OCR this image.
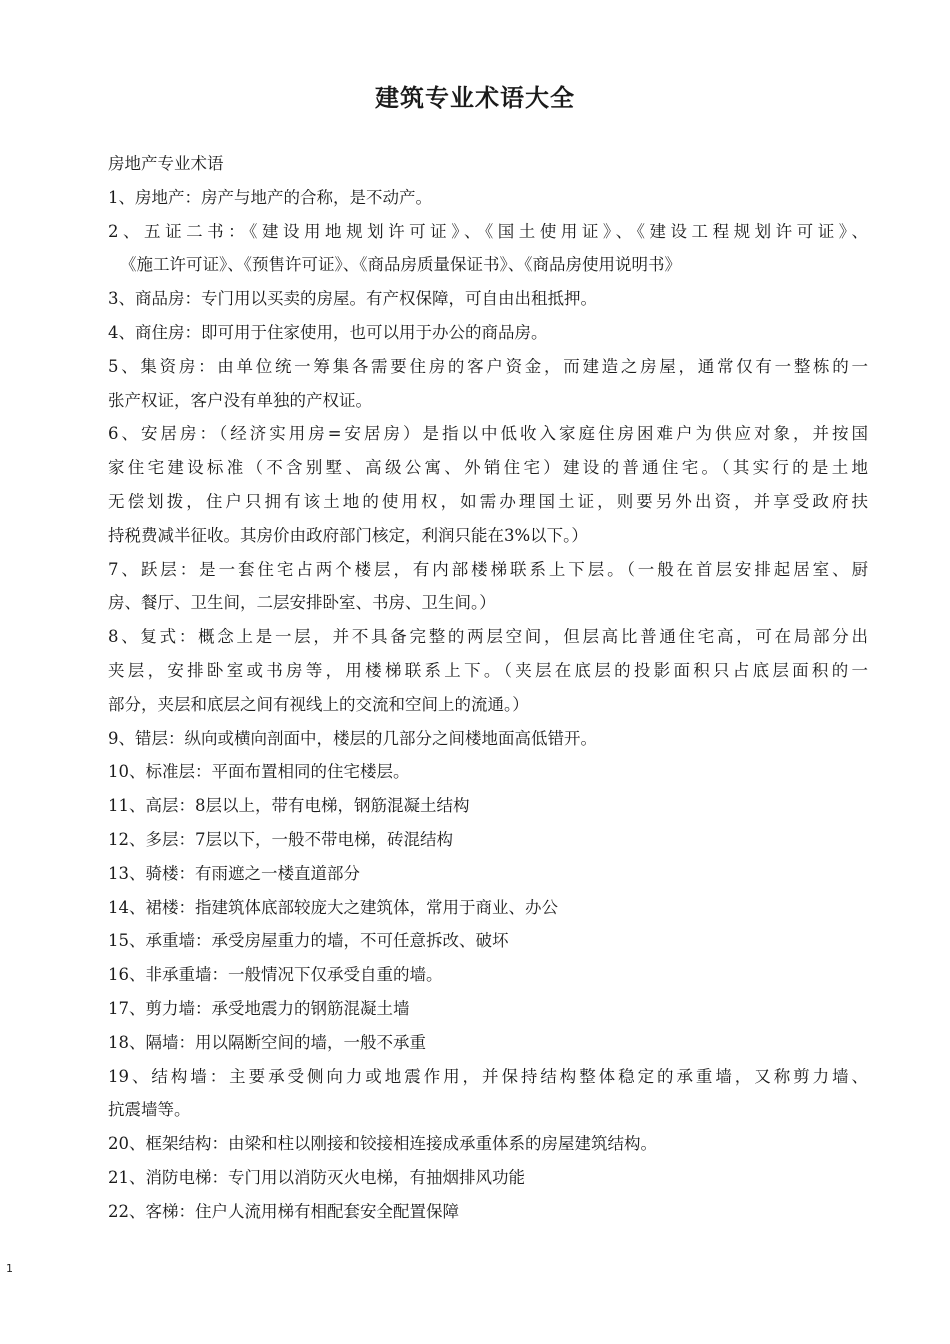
建筑专业术语大全
房地产专业术语
1、房地产：房产与地产的合称，是不动产。
2、五证二书：《建设用地规划许可证》、《国土使用证》、《建设工程规划许可证》、
《施工许可证》、《预售许可证》、《商品房质量保证书》、《商品房使用说明书》
3、商品房：专门用以买卖的房屋。有产权保障，可自由出租抵押。
4、商住房：即可用于住家使用，也可以用于办公的商品房。
5、集资房：由单位统一筹集各需要住房的客户资金，而建造之房屋，通常仅有一整栋的一
张产权证，客户没有单独的产权证。
6、安居房：（经济实用房=安居房）是指以中低收入家庭住房困难户为供应对象，并按国
家住宅建设标准（不含别墅、高级公寓、外销住宅）建设的普通住宅。（其实行的是土地
无偿划拨，住户只拥有该土地的使用权，如需办理国土证，则要另外出资，并享受政府扶
持税费减半征收。其房价由政府部门核定，利润只能在3%以下。）
7、跃层：是一套住宅占两个楼层，有内部楼梯联系上下层。（一般在首层安排起居室、厨
房、餐厅、卫生间，二层安排卧室、书房、卫生间。）
8、复式：概念上是一层，并不具备完整的两层空间，但层高比普通住宅高，可在局部分出
夹层，安排卧室或书房等，用楼梯联系上下。（夹层在底层的投影面积只占底层面积的一
部分，夹层和底层之间有视线上的交流和空间上的流通。）
9、错层：纵向或横向剖面中，楼层的几部分之间楼地面高低错开。
10、标准层：平面布置相同的住宅楼层。
11、高层：8层以上，带有电梯，钢筋混凝土结构
12、多层：7层以下，一般不带电梯，砖混结构
13、骑楼：有雨遮之一楼直道部分
14、裙楼：指建筑体底部较庞大之建筑体，常用于商业、办公
15、承重墙：承受房屋重力的墙，不可任意拆改、破坏
16、非承重墙：一般情况下仅承受自重的墙。
17、剪力墙：承受地震力的钢筋混凝土墙
18、隔墙：用以隔断空间的墙，一般不承重
19、结构墙：主要承受侧向力或地震作用，并保持结构整体稳定的承重墙，又称剪力墙、
抗震墙等。
20、框架结构：由梁和柱以刚接和铰接相连接成承重体系的房屋建筑结构。
21、消防电梯：专门用以消防灭火电梯，有抽烟排风功能
22、客梯：住户人流用梯有相配套安全配置保障
1
